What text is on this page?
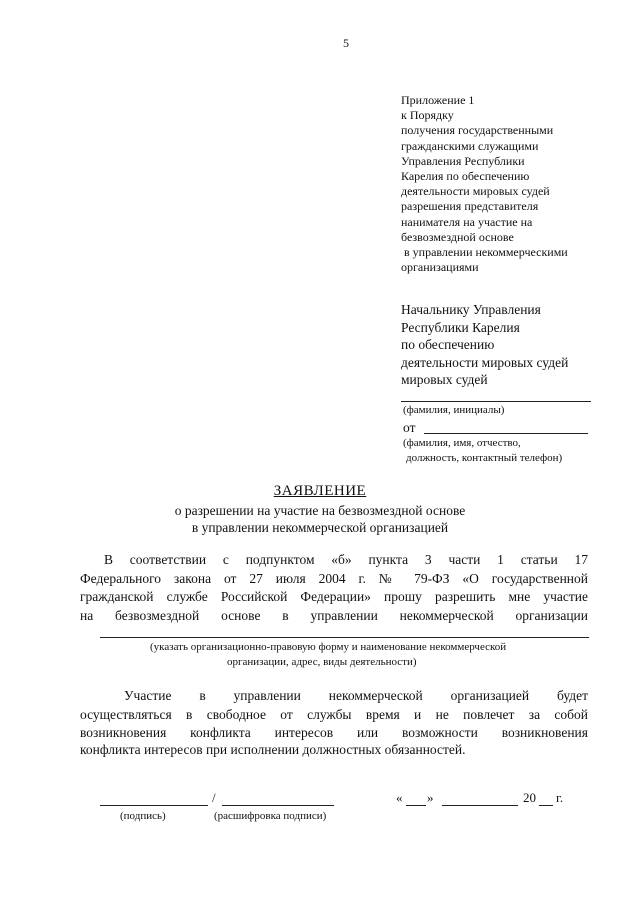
5
Приложение 1
к Порядку
получения государственными
гражданскими служащими
Управления Республики
Карелия по обеспечению
деятельности мировых судей
разрешения представителя
нанимателя на участие на
безвозмездной основе
в управлении некоммерческими
организациями
Начальнику Управления
Республики Карелия
по обеспечению
деятельности мировых судей
мировых судей
(фамилия, инициалы)
от
(фамилия, имя, отчество,
должность, контактный телефон)
ЗАЯВЛЕНИЕ
о разрешении на участие на безвозмездной основе
в управлении некоммерческой организацией
В соответствии с подпунктом «б» пункта 3 части 1 статьи 17
Федерального закона от 27 июля 2004 г. № 79-ФЗ «О государственной
гражданской службе Российской Федерации» прошу разрешить мне участие
на безвозмездной основе в управлении некоммерческой организации
(указать организационно-правовую форму и наименование некоммерческой
организации, адрес, виды деятельности)
Участие в управлении некоммерческой организацией будет
осуществляться в свободное от службы время и не повлечет за собой
возникновения конфликта интересов или возможности возникновения
конфликта интересов при исполнении должностных обязанностей.
/
(подпись)	(расшифровка подписи)
« »	20 г.
